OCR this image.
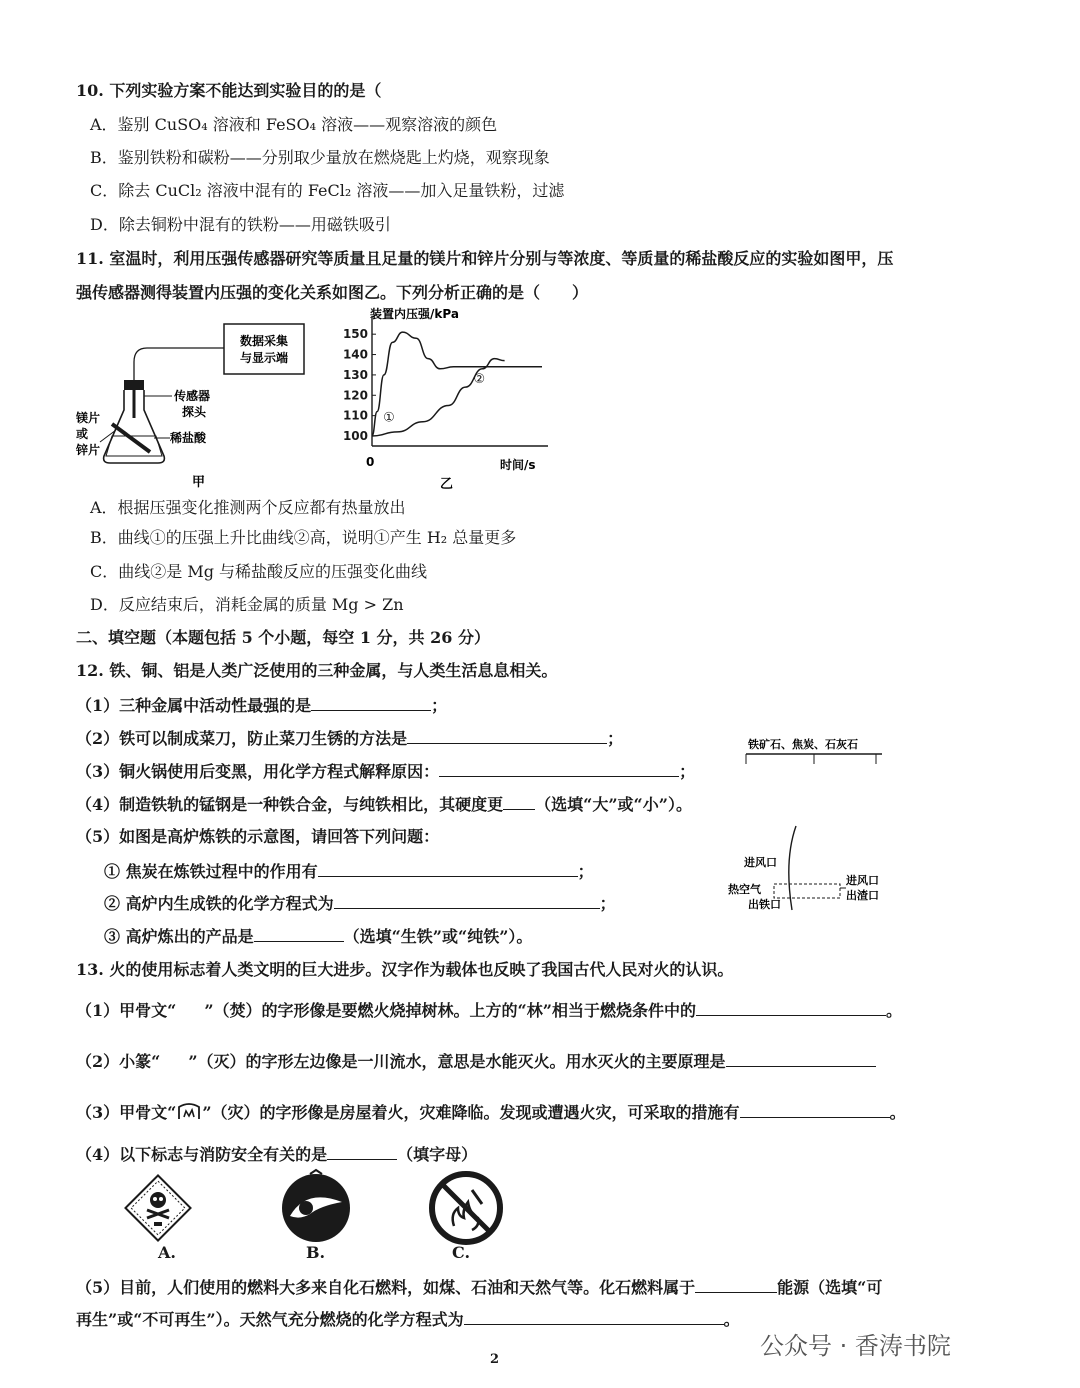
10. 下列实验方案不能达到实验目的的是（
A．鉴别 CuSO₄ 溶液和 FeSO₄ 溶液——观察溶液的颜色
B．鉴别铁粉和碳粉——分别取少量放在燃烧匙上灼烧，观察现象
C．除去 CuCl₂ 溶液中混有的 FeCl₂ 溶液——加入足量铁粉，过滤
D．除去铜粉中混有的铁粉——用磁铁吸引
11. 室温时，利用压强传感器研究等质量且足量的镁片和锌片分别与等浓度、等质量的稀盐酸反应的实验如图甲，压
强传感器测得装置内压强的变化关系如图乙。下列分析正确的是（　　）
数据采集
与显示端
传感器
探头
稀盐酸
镁片
或
锌片
甲
装置内压强/kPa
时间/s
0
乙
100
110
120
130
140
150
①
②
A．根据压强变化推测两个反应都有热量放出
B．曲线①的压强上升比曲线②高，说明①产生 H₂ 总量更多
C．曲线②是 Mg 与稀盐酸反应的压强变化曲线
D．反应结束后，消耗金属的质量 Mg > Zn
二、填空题（本题包括 5 个小题，每空 1 分，共 26 分）
12. 铁、铜、铝是人类广泛使用的三种金属，与人类生活息息相关。
（1）三种金属中活动性最强的是	；
（2）铁可以制成菜刀，防止菜刀生锈的方法是	；
（3）铜火锅使用后变黑，用化学方程式解释原因：	；
（4）制造铁轨的锰钢是一种铁合金，与纯铁相比，其硬度更 （选填“大”或“小”）。
（5）如图是高炉炼铁的示意图，请回答下列问题：
① 焦炭在炼铁过程中的作用有	；
② 高炉内生成铁的化学方程式为	；
③ 高炉炼出的产品是	（选填“生铁”或“纯铁”）。
铁矿石、焦炭、石灰石
进风口
热空气
出铁口
进风口
出渣口
13. 火的使用标志着人类文明的巨大进步。汉字作为载体也反映了我国古代人民对火的认识。
（1）甲骨文“ ”（焚）的字形像是要燃火烧掉树林。上方的“林”相当于燃烧条件中的	。
（2）小篆“ ”（灭）的字形左边像是一川流水，意思是水能灭火。用水灭火的主要原理是
（3）甲骨文“ ”（灾）的字形像是房屋着火，灾难降临。发现或遭遇火灾，可采取的措施有	。
（4）以下标志与消防安全有关的是	（填字母）
A.	B.	C.
（5）目前，人们使用的燃料大多来自化石燃料，如煤、石油和天然气等。化石燃料属于	能源（选填“可
再生”或“不可再生”）。天然气充分燃烧的化学方程式为	。
公众号 · 香涛书院
2
